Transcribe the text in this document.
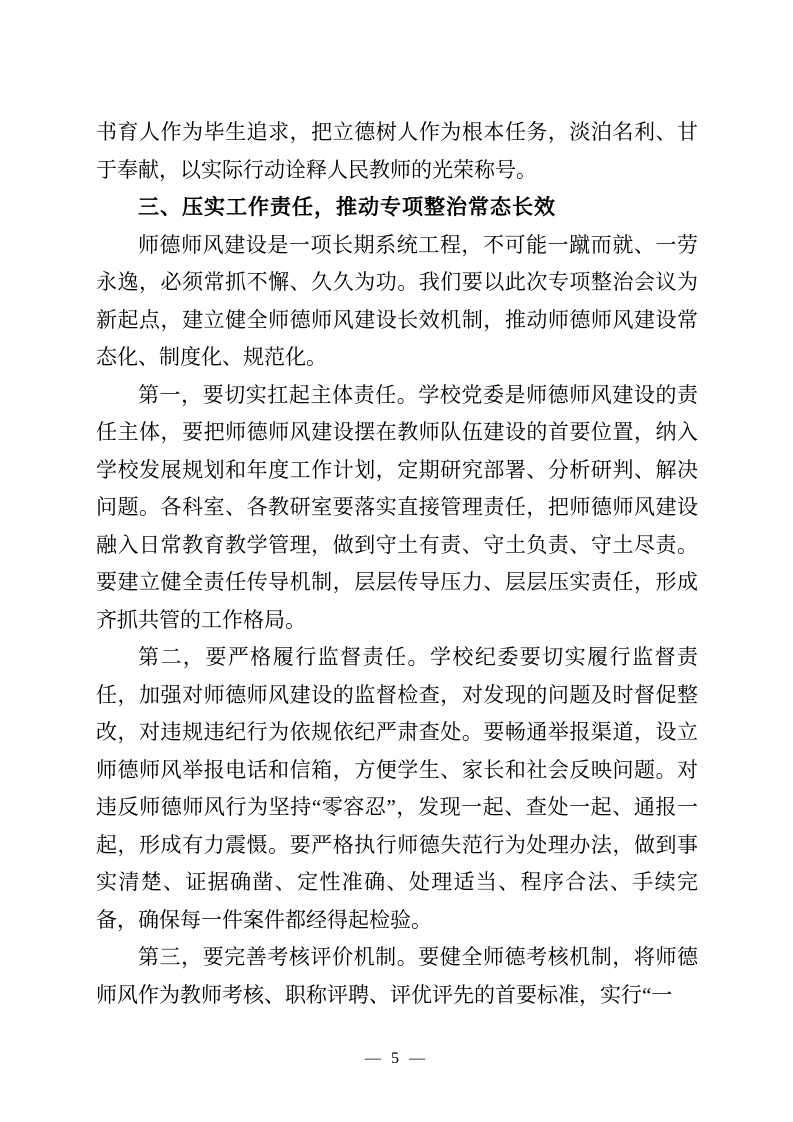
书育人作为毕生追求，把立德树人作为根本任务，淡泊名利、甘于奉献，以实际行动诠释人民教师的光荣称号。

三、压实工作责任，推动专项整治常态长效

师德师风建设是一项长期系统工程，不可能一蹴而就、一劳永逸，必须常抓不懈、久久为功。我们要以此次专项整治会议为新起点，建立健全师德师风建设长效机制，推动师德师风建设常态化、制度化、规范化。

第一，要切实扛起主体责任。学校党委是师德师风建设的责任主体，要把师德师风建设摆在教师队伍建设的首要位置，纳入学校发展规划和年度工作计划，定期研究部署、分析研判、解决问题。各科室、各教研室要落实直接管理责任，把师德师风建设融入日常教育教学管理，做到守土有责、守土负责、守土尽责。要建立健全责任传导机制，层层传导压力、层层压实责任，形成齐抓共管的工作格局。

第二，要严格履行监督责任。学校纪委要切实履行监督责任，加强对师德师风建设的监督检查，对发现的问题及时督促整改，对违规违纪行为依规依纪严肃查处。要畅通举报渠道，设立师德师风举报电话和信箱，方便学生、家长和社会反映问题。对违反师德师风行为坚持“零容忍”，发现一起、查处一起、通报一起，形成有力震慑。要严格执行师德失范行为处理办法，做到事实清楚、证据确凿、定性准确、处理适当、程序合法、手续完备，确保每一件案件都经得起检验。

第三，要完善考核评价机制。要健全师德考核机制，将师德师风作为教师考核、职称评聘、评优评先的首要标准，实行“一

— 5 —
